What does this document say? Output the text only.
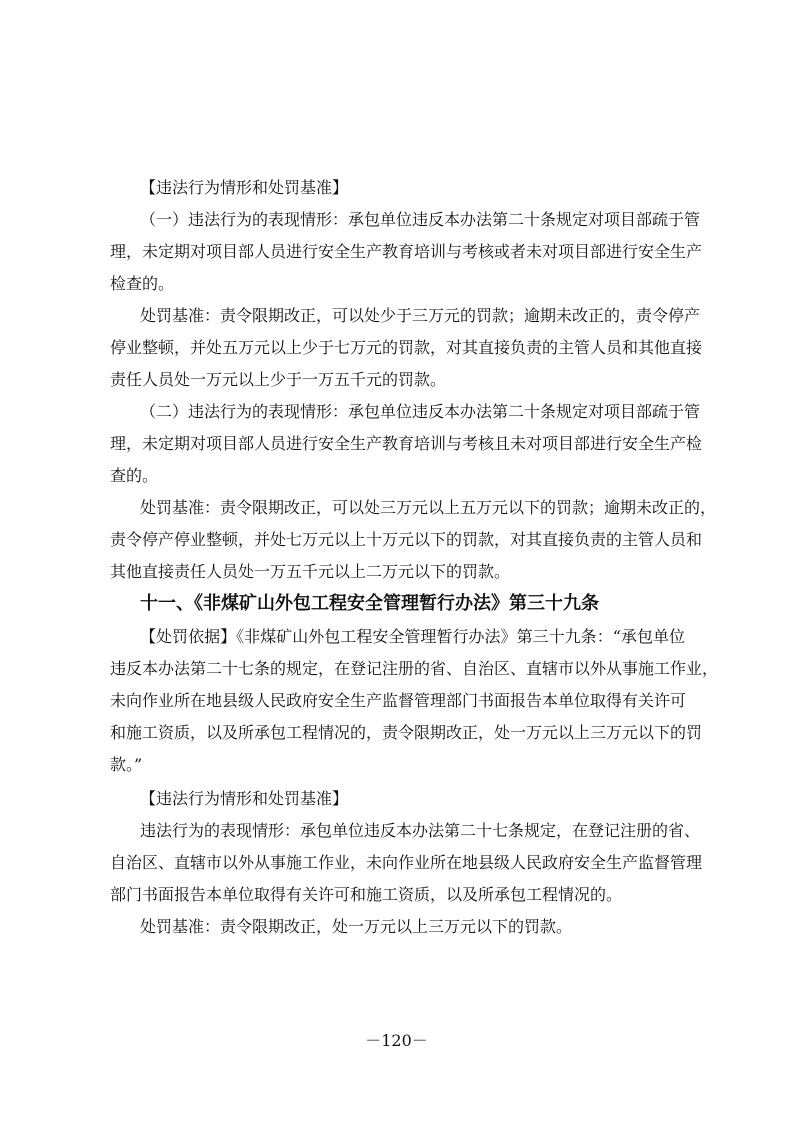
【违法行为情形和处罚基准】
（一）违法行为的表现情形：承包单位违反本办法第二十条规定对项目部疏于管
理，未定期对项目部人员进行安全生产教育培训与考核或者未对项目部进行安全生产
检查的。
处罚基准：责令限期改正，可以处少于三万元的罚款；逾期未改正的，责令停产
停业整顿，并处五万元以上少于七万元的罚款，对其直接负责的主管人员和其他直接
责任人员处一万元以上少于一万五千元的罚款。
（二）违法行为的表现情形：承包单位违反本办法第二十条规定对项目部疏于管
理，未定期对项目部人员进行安全生产教育培训与考核且未对项目部进行安全生产检
查的。
处罚基准：责令限期改正，可以处三万元以上五万元以下的罚款；逾期未改正的，
责令停产停业整顿，并处七万元以上十万元以下的罚款，对其直接负责的主管人员和
其他直接责任人员处一万五千元以上二万元以下的罚款。
十一、《非煤矿山外包工程安全管理暂行办法》第三十九条
【处罚依据】《非煤矿山外包工程安全管理暂行办法》第三十九条：“承包单位
违反本办法第二十七条的规定，在登记注册的省、自治区、直辖市以外从事施工作业，
未向作业所在地县级人民政府安全生产监督管理部门书面报告本单位取得有关许可
和施工资质，以及所承包工程情况的，责令限期改正，处一万元以上三万元以下的罚
款。”
【违法行为情形和处罚基准】
违法行为的表现情形：承包单位违反本办法第二十七条规定，在登记注册的省、
自治区、直辖市以外从事施工作业，未向作业所在地县级人民政府安全生产监督管理
部门书面报告本单位取得有关许可和施工资质，以及所承包工程情况的。
处罚基准：责令限期改正，处一万元以上三万元以下的罚款。
－120－
